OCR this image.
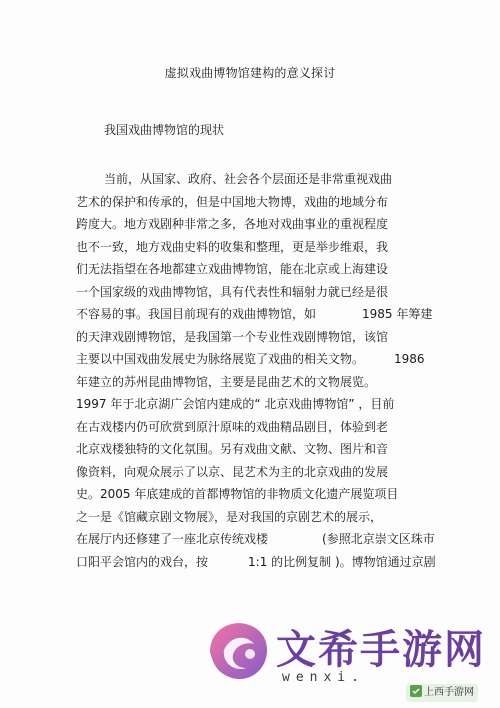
虚拟戏曲博物馆建构的意义探讨
我国戏曲博物馆的现状
当前，从国家、政府、社会各个层面还是非常重视戏曲
艺术的保护和传承的，但是中国地大物博，戏曲的地域分布
跨度大。地方戏剧种非常之多，各地对戏曲事业的重视程度
也不一致，地方戏曲史料的收集和整理，更是举步维艰，我
们无法指望在各地都建立戏曲博物馆，能在北京或上海建设
一个国家级的戏曲博物馆，具有代表性和辐射力就已经是很
不容易的事。我国目前现有的戏曲博物馆，如	1985 年筹建
的天津戏剧博物馆，是我国第一个专业性戏剧博物馆，该馆
主要以中国戏曲发展史为脉络展览了戏曲的相关文物。	1986
年建立的苏州昆曲博物馆，主要是昆曲艺术的文物展览。
1997 年于北京湖广会馆内建成的“ 北京戏曲博物馆” ，目前
在古戏楼内仍可欣赏到原汁原味的戏曲精品剧目，体验到老
北京戏楼独特的文化氛围。另有戏曲文献、文物、图片和音
像资料，向观众展示了以京、昆艺术为主的北京戏曲的发展
史。2005 年底建成的首都博物馆的非物质文化遗产展览项目
之一是《馆藏京剧文物展》，是对我国的京剧艺术的展示，
在展厅内还修建了一座北京传统戏楼	(参照北京崇文区珠市
口阳平会馆内的戏台，按	1:1 的比例复制 )。博物馆通过京剧
文希手游网
wenxi.
上西手游网
